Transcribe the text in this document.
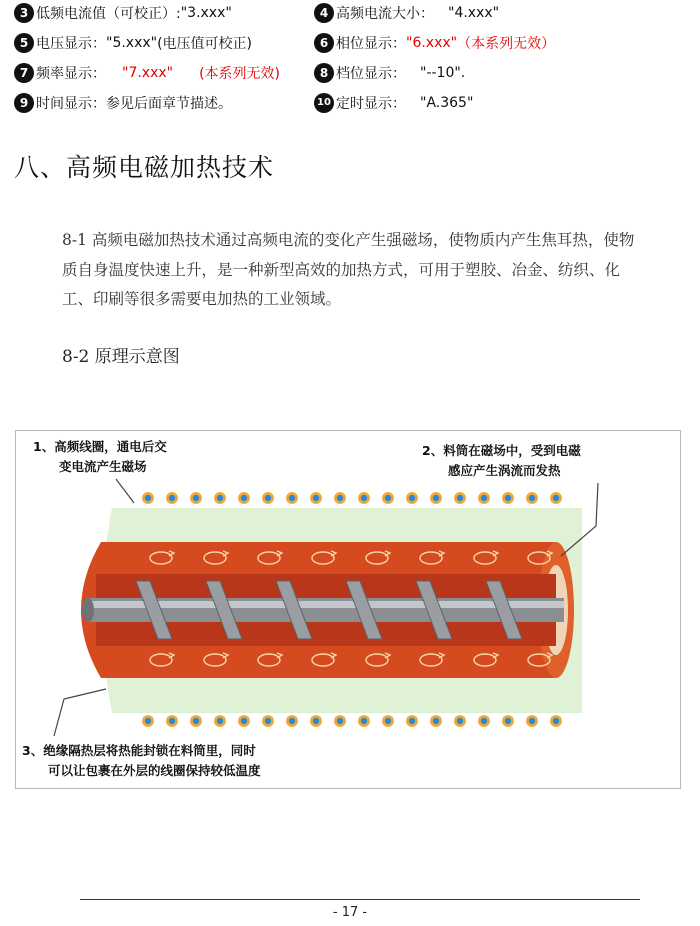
3 低频电流值（可校正）: "3.xxx"	4 高频电流大小： "4.xxx"
5 电压显示： "5.xxx" (电压值可校正)	6 相位显示： "6.xxx" （本系列无效）
7 频率显示： "7.xxx" (本系列无效)	8 档位显示： "--10".
9 时间显示：参见后面章节描述。	10 定时显示： "A.365"
八、高频电磁加热技术

8-1 高频电磁加热技术通过高频电流的变化产生强磁场，使物质内产生焦耳热，使物质自身温度快速上升，是一种新型高效的加热方式，可用于塑胶、冶金、纺织、化工、印刷等很多需要电加热的工业领域。

8-2 原理示意图

1、高频线圈，通电后交
变电流产生磁场
2、料筒在磁场中，受到电磁
感应产生涡流而发热
3、绝缘隔热层将热能封锁在料筒里，同时
可以让包裹在外层的线圈保持较低温度
- 17 -
